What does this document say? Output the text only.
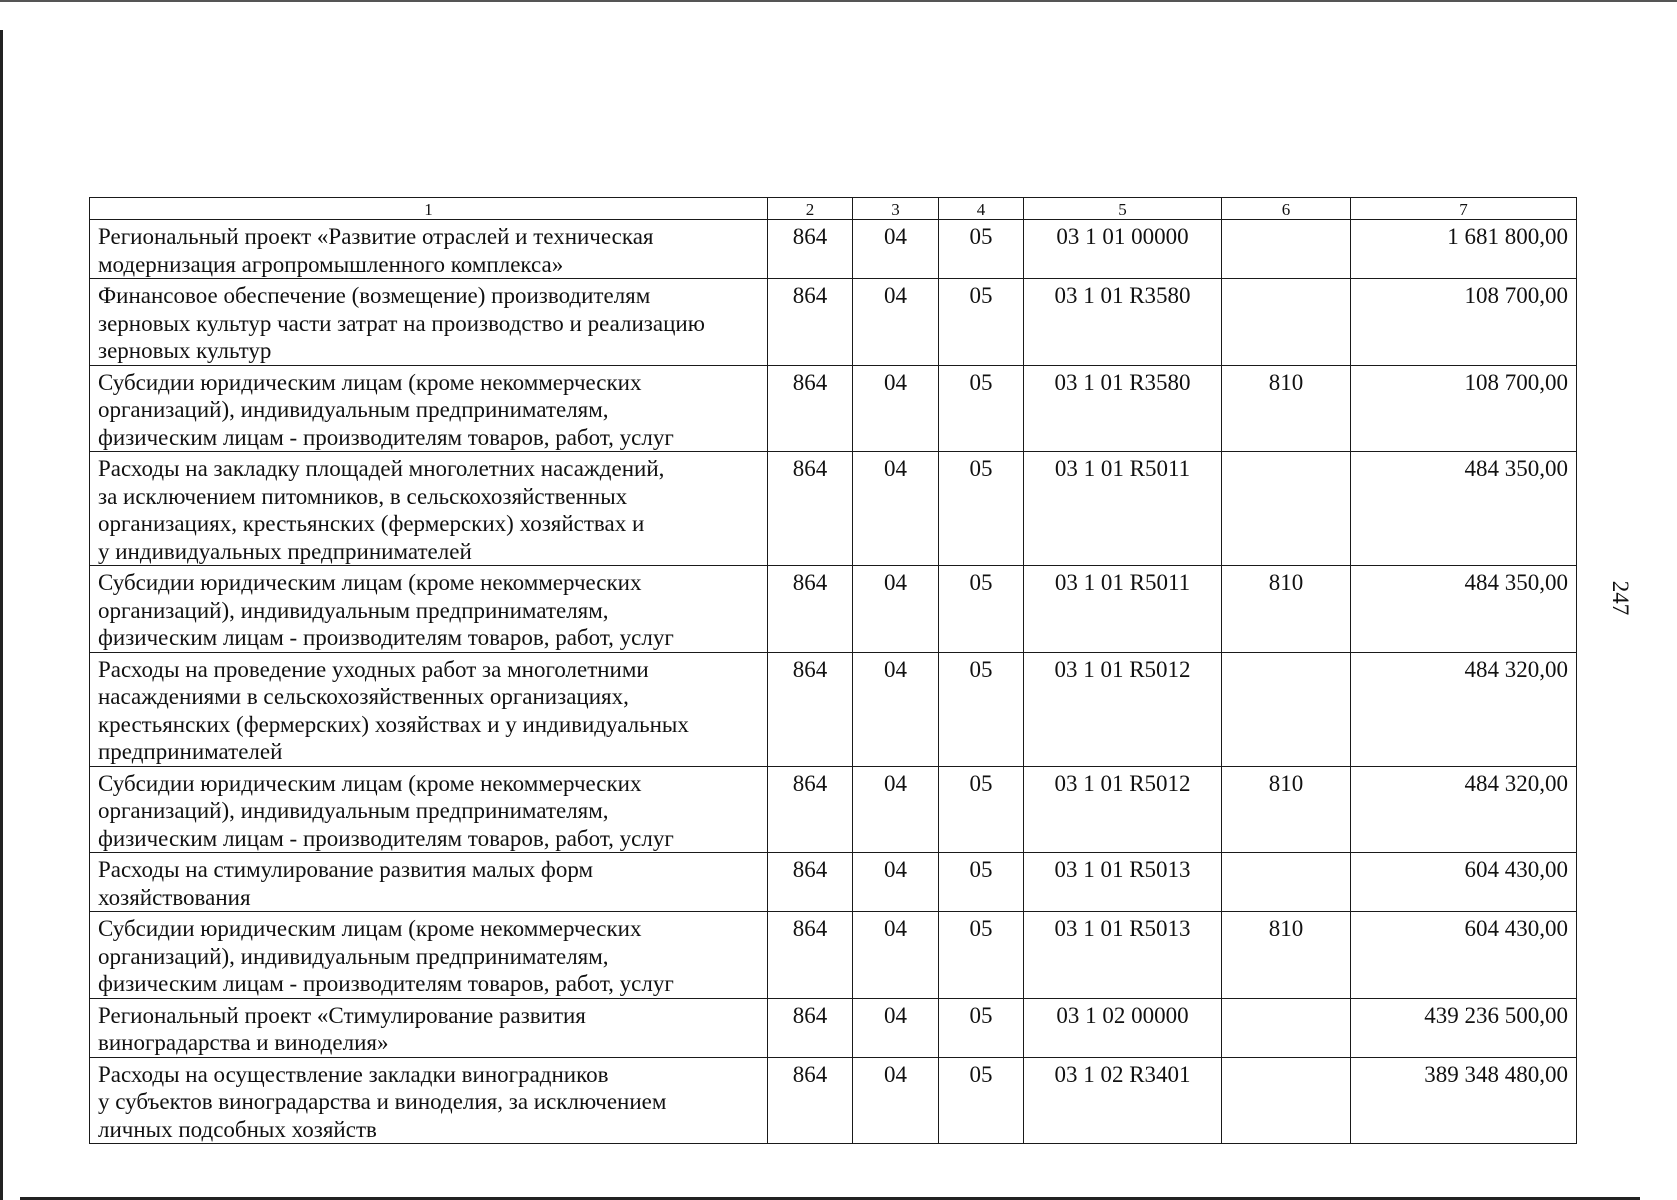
247
1	2	3	4	5	6	7
Региональный проект «Развитие отраслей и техническая
модернизация агропромышленного комплекса»	864	04	05	03 1 01 00000		1 681 800,00
Финансовое обеспечение (возмещение) производителям
зерновых культур части затрат на производство и реализацию
зерновых культур	864	04	05	03 1 01 R3580		108 700,00
Субсидии юридическим лицам (кроме некоммерческих
организаций), индивидуальным предпринимателям,
физическим лицам - производителям товаров, работ, услуг	864	04	05	03 1 01 R3580	810	108 700,00
Расходы на закладку площадей многолетних насаждений,
за исключением питомников, в сельскохозяйственных
организациях, крестьянских (фермерских) хозяйствах и
у индивидуальных предпринимателей	864	04	05	03 1 01 R5011		484 350,00
Субсидии юридическим лицам (кроме некоммерческих
организаций), индивидуальным предпринимателям,
физическим лицам - производителям товаров, работ, услуг	864	04	05	03 1 01 R5011	810	484 350,00
Расходы на проведение уходных работ за многолетними
насаждениями в сельскохозяйственных организациях,
крестьянских (фермерских) хозяйствах и у индивидуальных
предпринимателей	864	04	05	03 1 01 R5012		484 320,00
Субсидии юридическим лицам (кроме некоммерческих
организаций), индивидуальным предпринимателям,
физическим лицам - производителям товаров, работ, услуг	864	04	05	03 1 01 R5012	810	484 320,00
Расходы на стимулирование развития малых форм
хозяйствования	864	04	05	03 1 01 R5013		604 430,00
Субсидии юридическим лицам (кроме некоммерческих
организаций), индивидуальным предпринимателям,
физическим лицам - производителям товаров, работ, услуг	864	04	05	03 1 01 R5013	810	604 430,00
Региональный проект «Стимулирование развития
виноградарства и виноделия»	864	04	05	03 1 02 00000		439 236 500,00
Расходы на осуществление закладки виноградников
у субъектов виноградарства и виноделия, за исключением
личных подсобных хозяйств	864	04	05	03 1 02 R3401		389 348 480,00
